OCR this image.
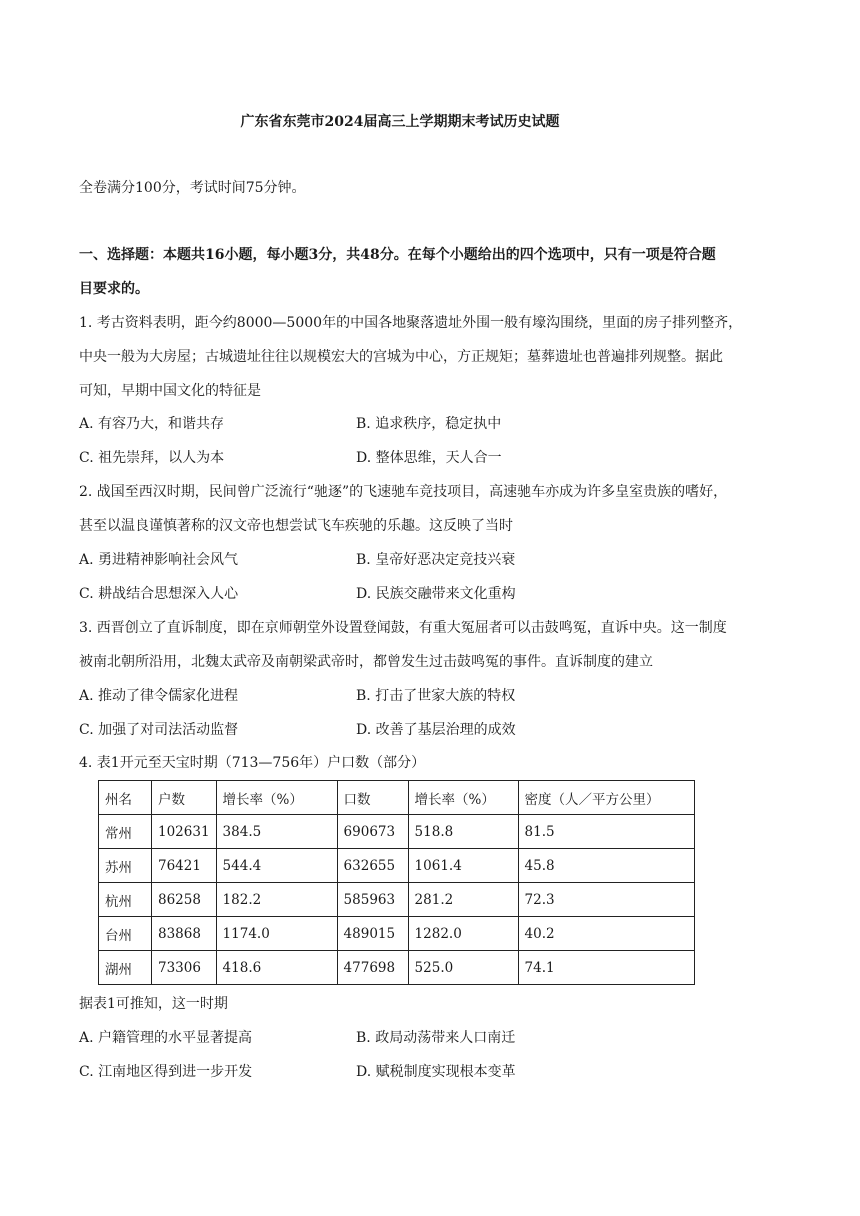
广东省东莞市2024届高三上学期期末考试历史试题
全卷满分100分，考试时间75分钟。
一、选择题：本题共16小题，每小题3分，共48分。在每个小题给出的四个选项中，只有一项是符合题
目要求的。
1. 考古资料表明，距今约8000—5000年的中国各地聚落遗址外围一般有壕沟围绕，里面的房子排列整齐，
中央一般为大房屋；古城遗址往往以规模宏大的宫城为中心，方正规矩；墓葬遗址也普遍排列规整。据此
可知，早期中国文化的特征是
A. 有容乃大，和谐共存	B. 追求秩序，稳定执中
C. 祖先崇拜，以人为本	D. 整体思维，天人合一
2. 战国至西汉时期，民间曾广泛流行“驰逐”的飞速驰车竞技项目，高速驰车亦成为许多皇室贵族的嗜好，
甚至以温良谨慎著称的汉文帝也想尝试飞车疾驰的乐趣。这反映了当时
A. 勇进精神影响社会风气	B. 皇帝好恶决定竞技兴衰
C. 耕战结合思想深入人心	D. 民族交融带来文化重构
3. 西晋创立了直诉制度，即在京师朝堂外设置登闻鼓，有重大冤屈者可以击鼓鸣冤，直诉中央。这一制度
被南北朝所沿用，北魏太武帝及南朝梁武帝时，都曾发生过击鼓鸣冤的事件。直诉制度的建立
A. 推动了律令儒家化进程	B. 打击了世家大族的特权
C. 加强了对司法活动监督	D. 改善了基层治理的成效
4. 表1开元至天宝时期（713—756年）户口数（部分）
州名	户数	增长率（%）	口数	增长率（%）	密度（人／平方公里）
常州	102631	384.5	690673	518.8	81.5
苏州	76421	544.4	632655	1061.4	45.8
杭州	86258	182.2	585963	281.2	72.3
台州	83868	1174.0	489015	1282.0	40.2
湖州	73306	418.6	477698	525.0	74.1
据表1可推知，这一时期
A. 户籍管理的水平显著提高	B. 政局动荡带来人口南迁
C. 江南地区得到进一步开发	D. 赋税制度实现根本变革
